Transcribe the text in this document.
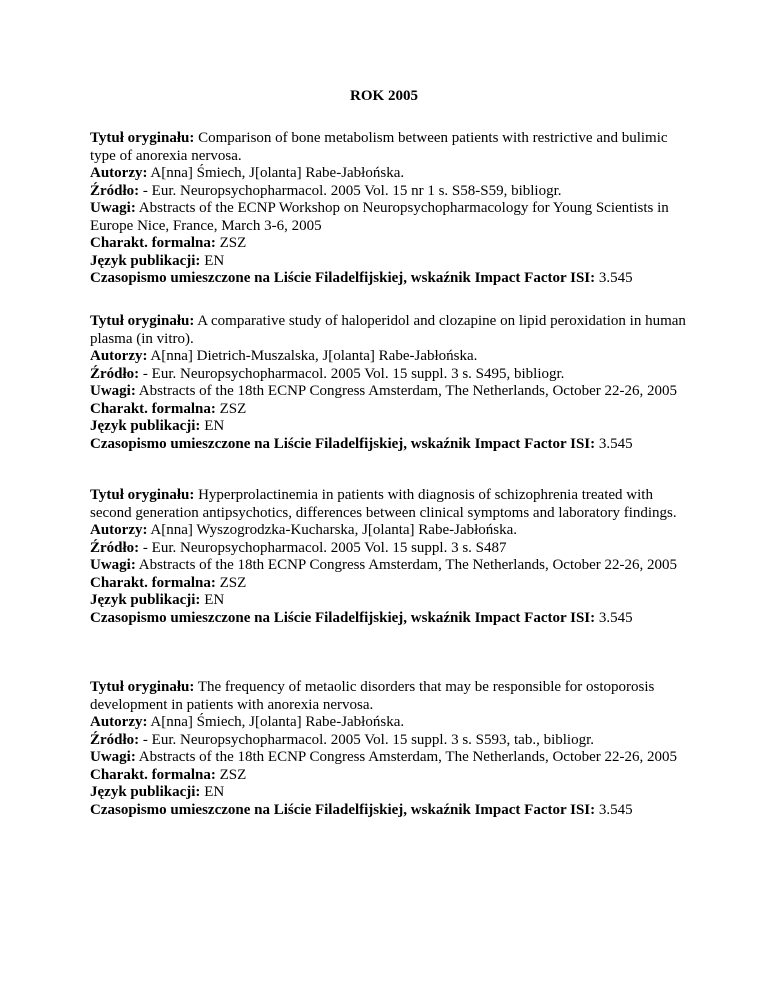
ROK 2005

Tytuł oryginału: Comparison of bone metabolism between patients with restrictive and bulimic type of anorexia nervosa.

Autorzy: A[nna] Śmiech, J[olanta] Rabe-Jabłońska.

Źródło: - Eur. Neuropsychopharmacol. 2005 Vol. 15 nr 1 s. S58-S59, bibliogr.

Uwagi: Abstracts of the ECNP Workshop on Neuropsychopharmacology for Young Scientists in Europe Nice, France, March 3-6, 2005

Charakt. formalna: ZSZ

Język publikacji: EN

Czasopismo umieszczone na Liście Filadelfijskiej, wskaźnik Impact Factor ISI: 3.545

Tytuł oryginału: A comparative study of haloperidol and clozapine on lipid peroxidation in human plasma (in vitro).

Autorzy: A[nna] Dietrich-Muszalska, J[olanta] Rabe-Jabłońska.

Źródło: - Eur. Neuropsychopharmacol. 2005 Vol. 15 suppl. 3 s. S495, bibliogr.

Uwagi: Abstracts of the 18th ECNP Congress Amsterdam, The Netherlands, October 22-26, 2005

Charakt. formalna: ZSZ

Język publikacji: EN

Czasopismo umieszczone na Liście Filadelfijskiej, wskaźnik Impact Factor ISI: 3.545

Tytuł oryginału: Hyperprolactinemia in patients with diagnosis of schizophrenia treated with second generation antipsychotics, differences between clinical symptoms and laboratory findings.

Autorzy: A[nna] Wyszogrodzka-Kucharska, J[olanta] Rabe-Jabłońska.

Źródło: - Eur. Neuropsychopharmacol. 2005 Vol. 15 suppl. 3 s. S487

Uwagi: Abstracts of the 18th ECNP Congress Amsterdam, The Netherlands, October 22-26, 2005

Charakt. formalna: ZSZ

Język publikacji: EN

Czasopismo umieszczone na Liście Filadelfijskiej, wskaźnik Impact Factor ISI: 3.545

Tytuł oryginału: The frequency of metaolic disorders that may be responsible for ostoporosis development in patients with anorexia nervosa.

Autorzy: A[nna] Śmiech, J[olanta] Rabe-Jabłońska.

Źródło: - Eur. Neuropsychopharmacol. 2005 Vol. 15 suppl. 3 s. S593, tab., bibliogr.

Uwagi: Abstracts of the 18th ECNP Congress Amsterdam, The Netherlands, October 22-26, 2005

Charakt. formalna: ZSZ

Język publikacji: EN

Czasopismo umieszczone na Liście Filadelfijskiej, wskaźnik Impact Factor ISI: 3.545
